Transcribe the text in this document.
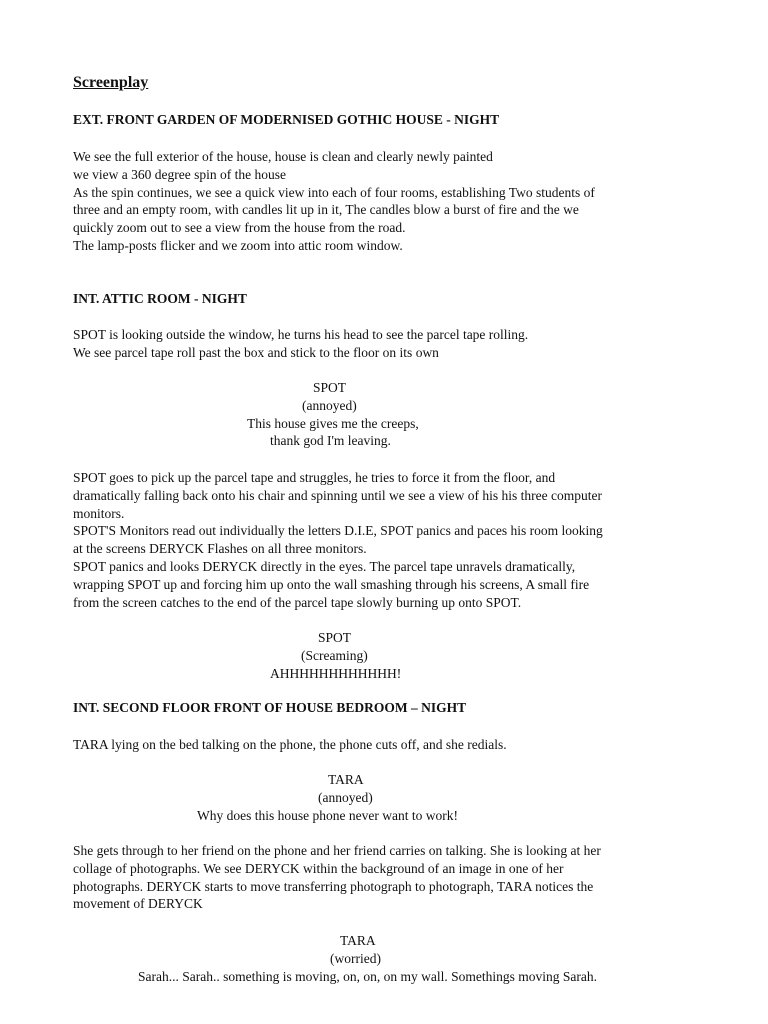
Screenplay
EXT. FRONT GARDEN OF MODERNISED GOTHIC HOUSE - NIGHT
We see the full exterior of the house, house is clean and clearly newly painted
we view a 360 degree spin of the house
As the spin continues, we see a quick view into each of four rooms, establishing Two students of
three and an empty room, with candles lit up in it, The candles blow a burst of fire and the we
quickly zoom out to see a view from the house from the road.
The lamp-posts flicker and we zoom into attic room window.
INT. ATTIC ROOM - NIGHT
SPOT is looking outside the window, he turns his head to see the parcel tape rolling.
We see parcel tape roll past the box and stick to the floor on its own
SPOT
(annoyed)
This house gives me the creeps,
thank god I'm leaving.
SPOT goes to pick up the parcel tape and struggles, he tries to force it from the floor, and
dramatically falling back onto his chair and spinning until we see a view of his his three computer
monitors.
SPOT'S Monitors read out individually the letters D.I.E, SPOT panics and paces his room looking
at the screens DERYCK Flashes on all three monitors.
SPOT panics and looks DERYCK directly in the eyes. The parcel tape unravels dramatically,
wrapping SPOT up and forcing him up onto the wall smashing through his screens, A small fire
from the screen catches to the end of the parcel tape slowly burning up onto SPOT.
SPOT
(Screaming)
AHHHHHHHHHHHH!
INT. SECOND FLOOR FRONT OF HOUSE BEDROOM – NIGHT
TARA lying on the bed talking on the phone, the phone cuts off, and she redials.
TARA
(annoyed)
Why does this house phone never want to work!
She gets through to her friend on the phone and her friend carries on talking. She is looking at her
collage of photographs. We see DERYCK within the background of an image in one of her
photographs. DERYCK starts to move transferring photograph to photograph, TARA notices the
movement of DERYCK
TARA
(worried)
Sarah... Sarah.. something is moving, on, on, on my wall. Somethings moving Sarah.
